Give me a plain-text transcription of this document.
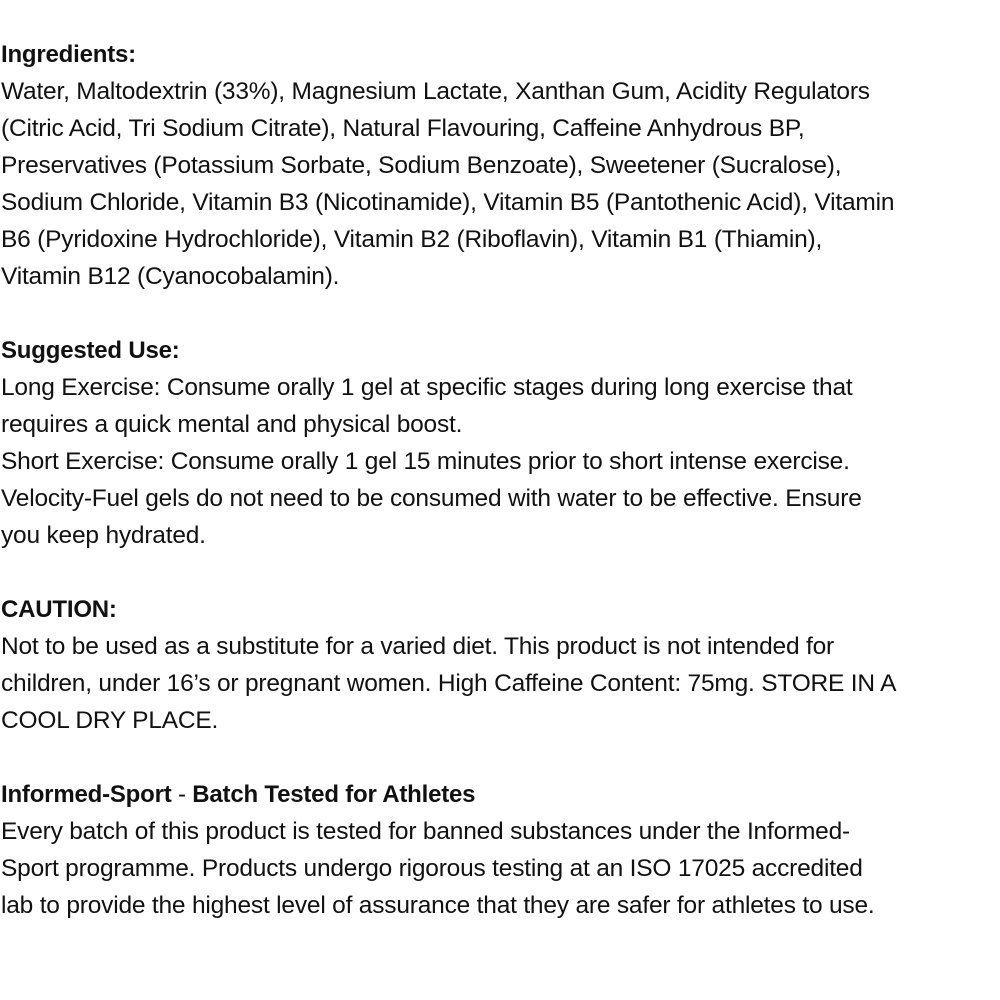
Ingredients:
Water, Maltodextrin (33%), Magnesium Lactate, Xanthan Gum, Acidity Regulators
(Citric Acid, Tri Sodium Citrate), Natural Flavouring, Caffeine Anhydrous BP,
Preservatives (Potassium Sorbate, Sodium Benzoate), Sweetener (Sucralose),
Sodium Chloride, Vitamin B3 (Nicotinamide), Vitamin B5 (Pantothenic Acid), Vitamin
B6 (Pyridoxine Hydrochloride), Vitamin B2 (Riboflavin), Vitamin B1 (Thiamin),
Vitamin B12 (Cyanocobalamin).
Suggested Use:
Long Exercise: Consume orally 1 gel at specific stages during long exercise that
requires a quick mental and physical boost.
Short Exercise: Consume orally 1 gel 15 minutes prior to short intense exercise.
Velocity-Fuel gels do not need to be consumed with water to be effective. Ensure
you keep hydrated.
CAUTION:
Not to be used as a substitute for a varied diet. This product is not intended for
children, under 16’s or pregnant women. High Caffeine Content: 75mg. STORE IN A
COOL DRY PLACE.
Informed-Sport - Batch Tested for Athletes
Every batch of this product is tested for banned substances under the Informed-
Sport programme. Products undergo rigorous testing at an ISO 17025 accredited
lab to provide the highest level of assurance that they are safer for athletes to use.
